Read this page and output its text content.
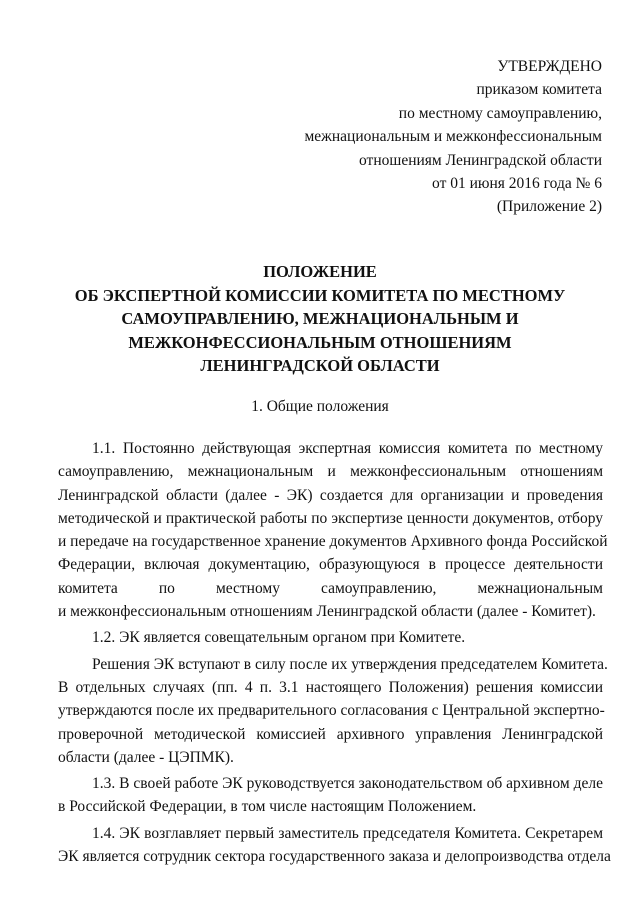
УТВЕРЖДЕНО
приказом комитета
по местному самоуправлению,
межнациональным и межконфессиональным
отношениям Ленинградской области
от 01 июня 2016 года № 6
(Приложение 2)
ПОЛОЖЕНИЕ
ОБ ЭКСПЕРТНОЙ КОМИССИИ КОМИТЕТА ПО МЕСТНОМУ
САМОУПРАВЛЕНИЮ, МЕЖНАЦИОНАЛЬНЫМ И
МЕЖКОНФЕССИОНАЛЬНЫМ ОТНОШЕНИЯМ
ЛЕНИНГРАДСКОЙ ОБЛАСТИ
1. Общие положения
1.1. Постоянно действующая экспертная комиссия комитета по местному
самоуправлению, межнациональным и межконфессиональным отношениям
Ленинградской области (далее - ЭК) создается для организации и проведения
методической и практической работы по экспертизе ценности документов, отбору
и передаче на государственное хранение документов Архивного фонда Российской
Федерации, включая документацию, образующуюся в процессе деятельности
комитета по местному самоуправлению, межнациональным
и межконфессиональным отношениям Ленинградской области (далее - Комитет).
1.2. ЭК является совещательным органом при Комитете.
Решения ЭК вступают в силу после их утверждения председателем Комитета.
В отдельных случаях (пп. 4 п. 3.1 настоящего Положения) решения комиссии
утверждаются после их предварительного согласования с Центральной экспертно-
проверочной методической комиссией архивного управления Ленинградской
области (далее - ЦЭПМК).
1.3. В своей работе ЭК руководствуется законодательством об архивном деле
в Российской Федерации, в том числе настоящим Положением.
1.4. ЭК возглавляет первый заместитель председателя Комитета. Секретарем
ЭК является сотрудник сектора государственного заказа и делопроизводства отдела
